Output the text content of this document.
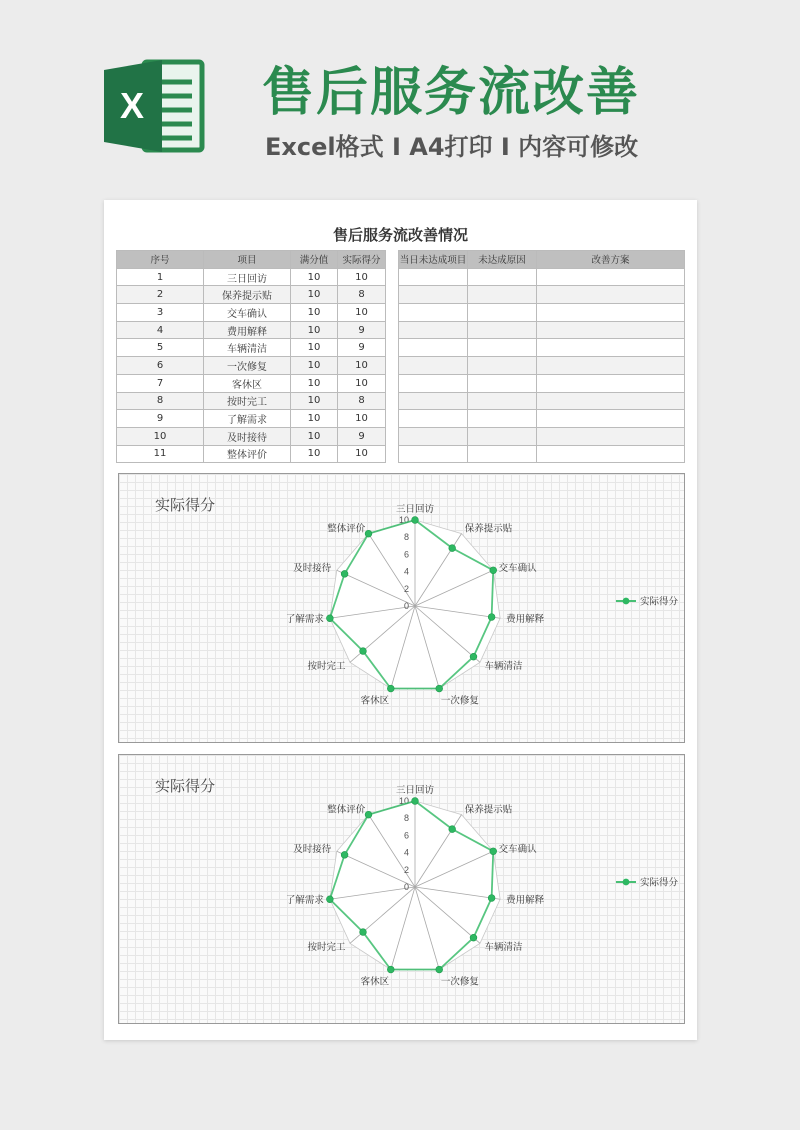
X 售后服务流改善
Excel格式 I A4打印 I 内容可修改
售后服务流改善情况
序号	项目	满分值	实际得分
1	三日回访	10	10
2	保养提示贴	10	8
3	交车确认	10	10
4	费用解释	10	9
5	车辆清洁	10	9
6	一次修复	10	10
7	客休区	10	10
8	按时完工	10	8
9	了解需求	10	10
10	及时接待	10	9
11	整体评价	10	10
当日未达成项目	未达成原因	改善方案

实际得分
0
2
4
6
8
10
三日回访
保养提示贴
交车确认
费用解释
车辆清洁
一次修复
客休区
按时完工
了解需求
及时接待
整体评价
实际得分
实际得分
0
2
4
6
8
10
三日回访
保养提示贴
交车确认
费用解释
车辆清洁
一次修复
客休区
按时完工
了解需求
及时接待
整体评价
实际得分
